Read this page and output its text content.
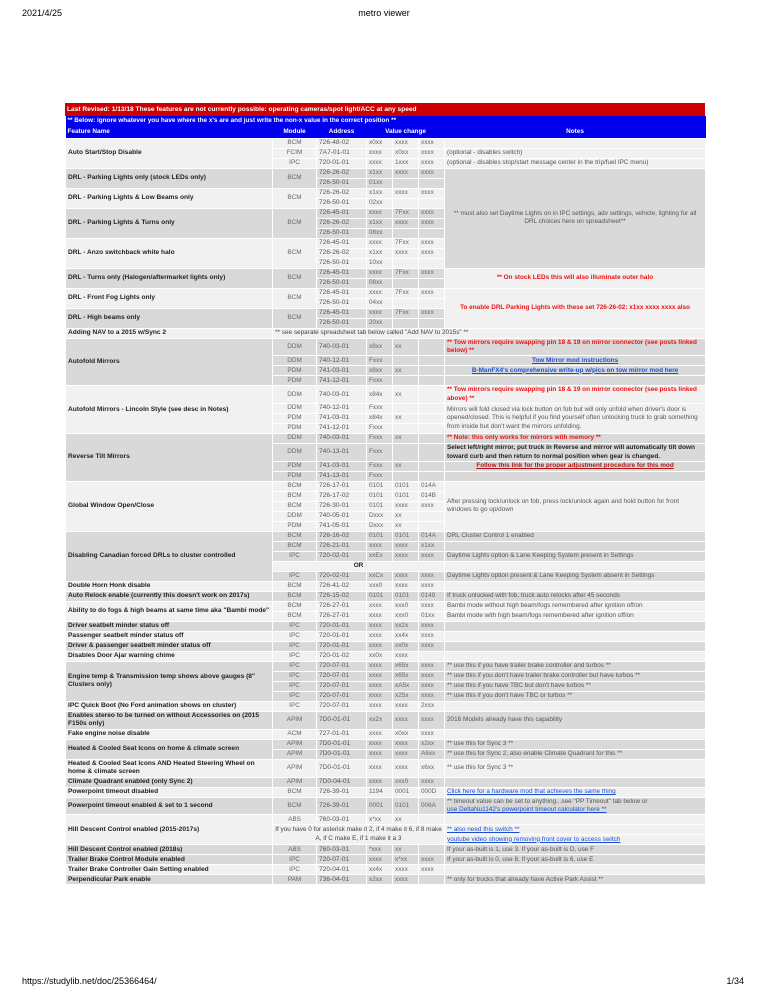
2021/4/25	metro viewer
Last Revised: 1/13/18 These features are not currently possible: operating cameras/spot light/ACC at any speed
** Below: ignore whatever you have where the x's are and just write the non-x value in the correct position **						
Feature Name	Module	Address	Value change			Notes
Auto Start/Stop Disable	BCM	726-48-02	x0xx	xxxx	xxxx	
	FCIM	7A7-01-01	xxxx	x0xx	xxxx	(optional - disables switch)
	IPC	720-01-01	xxxx	1xxx	xxxx	(optional - disables stop/start message center in the trip/fuel IPC menu)
DRL - Parking Lights only (stock LEDs only)	BCM	726-26-02	x1xx	xxxx	xxxx	** must also set Daytime Lights on in IPC settings, adv settings, vehicle, lighting for all DRL choices here on spreadsheet**
		726-50-01	01xx			
DRL - Parking Lights & Low Beams only	BCM	726-26-02	x1xx	xxxx	xxxx	
		726-50-01	02xx			
DRL - Parking Lights & Turns only	BCM	726-45-01	xxxx	7Fxx	xxxx	
		726-26-02	x1xx	xxxx	xxxx	
		726-50-01	08xx			
DRL - Anzo switchback white halo	BCM	726-45-01	xxxx	7Fxx	xxxx	
		726-26-02	x1xx	xxxx	xxxx	
		726-50-01	10xx			
DRL - Turns only (Halogen/aftermarket lights only)	BCM	726-45-01	xxxx	7Fxx	xxxx	** On stock LEDs this will also illuminate outer halo
		726-50-01	08xx			
DRL - Front Fog Lights only	BCM	726-45-01	xxxx	7Fxx	xxxx	To enable DRL Parking Lights with these set 726-26-02: x1xx xxxx xxxx also
		726-50-01	04xx			
DRL - High beams only	BCM	726-45-01	xxxx	7Fxx	xxxx	
		726-50-01	20xx			
Adding NAV to a 2015 w/Sync 2	** see separate spreadsheet tab below called "Add NAV to 2015s" **					
Autofold Mirrors	DDM	740-03-01	x8xx	xx		** Tow mirrors require swapping pin 18 & 19 on mirror connector (see posts linked below) **
	DDM	740-12-01	Fxxx			Tow Mirror mod instructions
	PDM	741-03-01	x8xx	xx		B-ManFX4's comprehensive write-up w/pics on tow mirror mod here
	PDM	741-12-01	Fxxx			
Autofold Mirrors - Lincoln Style (see desc in Notes)	DDM	740-03-01	x84x	xx		** Tow mirrors require swapping pin 18 & 19 on mirror connector (see posts linked above) **
	DDM	740-12-01	Fxxx			Mirrors will fold closed via lock button on fob but will only unfold when driver's door is opened/closed. This is helpful if you find yourself often unlocking truck to grab something from inside but don't want the mirrors unfolding.
	PDM	741-03-01	x84x	xx		
	PDM	741-12-01	Fxxx			
Reverse Tilt Mirrors	DDM	740-03-01	Fxxx	xx		** Note: this only works for mirrors with memory **
	DDM	740-13-01	Fxxx			Select left/right mirror, put truck in Reverse and mirror will automatically tilt down toward curb and then return to normal position when gear is changed.
	PDM	741-03-01	Fxxx	xx		Follow this link for the proper adjustment procedure for this mod
	PDM	741-13-01	Fxxx			
Global Window Open/Close	BCM	726-17-01	0101	0101	014A	After pressing lock/unlock on fob, press lock/unlock again and hold button for front windows to go up/down
	BCM	726-17-02	0101	0101	014B	
	BCM	726-30-01	0101	xxxx	xxxx	
	DDM	740-05-01	Dxxx	xx		
	PDM	741-05-01	Dxxx	xx		
Disabling Canadian forced DRLs to cluster controlled	BCM	726-16-02	0101	0101	014A	DRL Cluster Control 1 enabled
	BCM	726-21-01	xxxx	xxxx	x1xx	
	IPC	720-02-01	xxEx	xxxx	xxxx	Daytime Lights option & Lane Keeping System present in Settings
	OR					
	IPC	720-02-01	xxCx	xxxx	xxxx	Daytime Lights option present & Lane Keeping System absent in Settings
Double Horn Honk disable	BCM	726-41-02	xxx0	xxxx	xxxx	
Auto Relock enable (currently this doesn't work on 2017s)	BCM	726-15-02	0101	0101	0149	If truck unlocked with fob, truck auto relocks after 45 seconds
Ability to do fogs & high beams at same time aka "Bambi mode"	BCM	726-27-01	xxxx	xxx0	xxxx	Bambi mode without high beam/fogs remembered after ignition off/on
	BCM	726-27-01	xxxx	xxx0	01xx	Bambi mode with high beam/fogs remembered after ignition off/on
Driver seatbelt minder status off	IPC	720-01-01	xxxx	xx2x	xxxx	
Passenger seatbelt minder status off	IPC	720-01-01	xxxx	xx4x	xxxx	
Driver & passenger seatbelt minder status off	IPC	720-01-01	xxxx	xx0x	xxxx	
Disables Door Ajar warning chime	IPC	720-01-02	xx0x	xxxx		
Engine temp & Transmission temp shows above gauges (8" Clusters only)	IPC	720-07-01	xxxx	x65x	xxxx	** use this if you have trailer brake controller and turbos **
	IPC	720-07-01	xxxx	x65x	xxxx	** use this if you don't have trailer brake controller but have turbos **
	IPC	720-07-01	xxxx	xA5x	xxxx	** use this if you have TBC but don't have turbos **
	IPC	720-07-01	xxxx	x25x	xxxx	** use this if you don't have TBC or turbos **
IPC Quick Boot (No Ford animation shows on cluster)	IPC	720-07-01	xxxx	xxxx	2xxx	
Enables stereo to be turned on without Accessories on (2015 F150s only)	APIM	7D0-01-01	xx2x	xxxx	xxxx	2016 Models already have this capability
Fake engine noise disable	ACM	727-01-01	xxxx	x0xx	xxxx	
Heated & Cooled Seat Icons on home & climate screen	APIM	7D0-01-01	xxxx	xxxx	x2xx	** use this for Sync 3 **
	APIM	7D0-01-01	xxxx	xxxx	A6xx	** use this for Sync 2, also enable Climate Quadrant for this **
Heated & Cooled Seat Icons AND Heated Steering Wheel on home & climate screen	APIM	7D0-01-01	xxxx	xxxx	x6xx	** use this for Sync 3 **
Climate Quadrant enabled (only Sync 2)	APIM	7D0-04-01	xxxx	xxx0	xxxx	
Powerpoint timeout disabled	BCM	726-39-01	1194	0001	000D	Click here for a hardware mod that achieves the same thing
Powerpoint timeout enabled & set to 1 second	BCM	726-39-01	0001	0101	006A	** timeout value can be set to anything...see "PP Timeout" tab below or
use DeltaNu1142's powerpoint timeout calculator here **
Hill Descent Control enabled (2015-2017s)	ABS	760-03-01	x*xx	xx		
	If you have 0 for asterisk make it 2, if 4 make it 6, if 8 make A, if C make E, if 1 make it a 3					** also need this switch **
						youtube video showing removing front cover to access switch
Hill Descent Control enabled (2018s)	ABS	760-03-01	*xxx	xx		If your as-built is 1, use 3. If your as-built is D, use F
Trailer Brake Control Module enabled	IPC	720-07-01	xxxx	x*xx	xxxx	If your as-built is 0, use 8. If your as-built is 6, use E
Trailer Brake Controller Gain Setting enabled	IPC	720-04-01	xx4x	xxxx	xxxx	
Perpendicular Park enable	PAM	736-04-01	x2xx	xxxx		** only for trucks that already have Active Park Assist **
https://studylib.net/doc/25366464/	1/34
